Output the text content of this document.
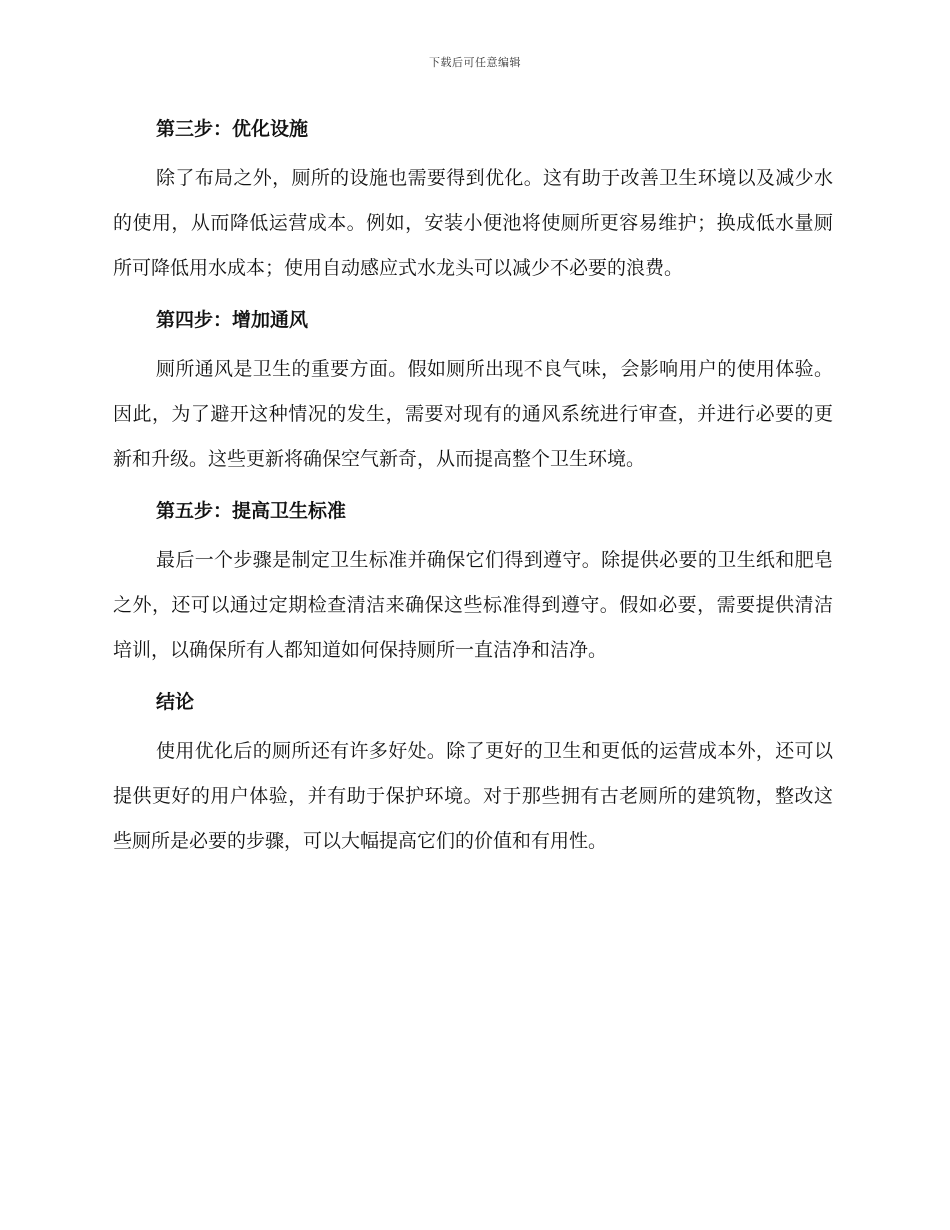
下载后可任意编辑
第三步：优化设施

除了布局之外，厕所的设施也需要得到优化。这有助于改善卫生环境以及减少水的使用，从而降低运营成本。例如，安装小便池将使厕所更容易维护；换成低水量厕所可降低用水成本；使用自动感应式水龙头可以减少不必要的浪费。

第四步：增加通风

厕所通风是卫生的重要方面。假如厕所出现不良气味，会影响用户的使用体验。因此，为了避开这种情况的发生，需要对现有的通风系统进行审查，并进行必要的更新和升级。这些更新将确保空气新奇，从而提高整个卫生环境。

第五步：提高卫生标准

最后一个步骤是制定卫生标准并确保它们得到遵守。除提供必要的卫生纸和肥皂之外，还可以通过定期检查清洁来确保这些标准得到遵守。假如必要，需要提供清洁培训，以确保所有人都知道如何保持厕所一直洁净和洁净。

结论

使用优化后的厕所还有许多好处。除了更好的卫生和更低的运营成本外，还可以提供更好的用户体验，并有助于保护环境。对于那些拥有古老厕所的建筑物，整改这些厕所是必要的步骤，可以大幅提高它们的价值和有用性。
